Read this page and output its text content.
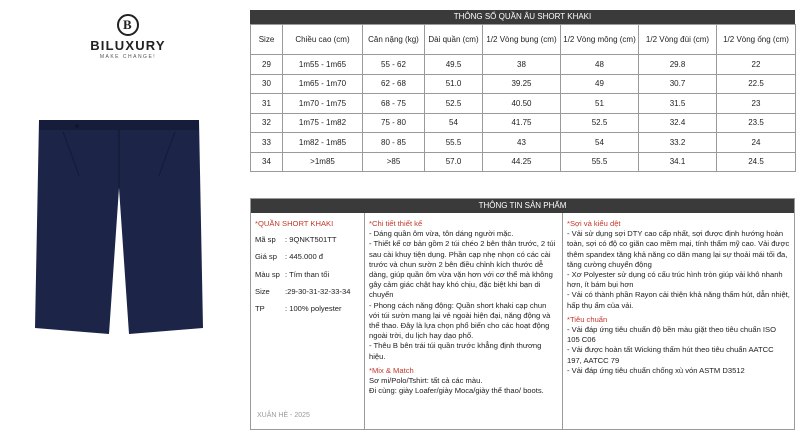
B
BILUXURY
MAKE CHANGE!
THÔNG SỐ QUẦN ÂU SHORT KHAKI
Size	Chiều cao (cm)	Cân nặng (kg)	Dài quần (cm)	1/2 Vòng bụng (cm)	1/2 Vòng mông (cm)	1/2 Vòng đùi (cm)	1/2 Vòng ống (cm)
29	1m55 - 1m65	55 - 62	49.5	38	48	29.8	22
30	1m65 - 1m70	62 - 68	51.0	39.25	49	30.7	22.5
31	1m70 - 1m75	68 - 75	52.5	40.50	51	31.5	23
32	1m75 - 1m82	75 - 80	54	41.75	52.5	32.4	23.5
33	1m82 - 1m85	80 - 85	55.5	43	54	33.2	24
34	>1m85	>85	57.0	44.25	55.5	34.1	24.5
THÔNG TIN SẢN PHẨM
*QUẦN SHORT KHAKI
Mã sp	: 9QNKT501TT
Giá sp	: 445.000 đ
Màu sp : Tím than tối
Size	:29-30-31-32-33-34
TP	: 100% polyester
XUÂN HÈ - 2025
*Chi tiết thiết kế
- Dáng quần ôm vừa, tôn dáng người mặc.
- Thiết kế cơ bản gồm 2 túi chéo 2 bên thân trước, 2 túi sau cài khuy tiện dụng. Phần cạp nhẹ nhọn có các cài trước và chun sườn 2 bên điều chỉnh kích thước dễ dàng, giúp quần ôm vừa vặn hơn với cơ thể mà không gây cảm giác chật hay khó chịu, đặc biệt khi bạn di chuyển
- Phong cách năng động: Quần short khaki cạp chun với túi sườn mang lại vẻ ngoài hiện đại, năng động và thể thao. Đây là lựa chọn phổ biến cho các hoạt động ngoài trời, du lịch hay dạo phố.
- Thêu B bên trái túi quần trước khẳng định thương hiệu.
*Mix & Match
Sơ mi/Polo/Tshirt: tất cả các màu.
Đi cùng: giày Loafer/giày Moca/giày thể thao/ boots.
*Sợi và kiểu dệt
- Vải sử dụng sợi DTY cao cấp nhất, sợi được định hướng hoàn toàn, sợi có độ co giãn cao mềm mại, tính thẩm mỹ cao. Vải được thêm spandex tăng khả năng co dãn mang lại sự thoải mái tối đa, tăng cường chuyển động
- Xơ Polyester sử dụng có cấu trúc hình tròn giúp vải khô nhanh hơn, ít bám bụi hơn
- Vải có thành phần Rayon cải thiện khả năng thấm hút, dẫn nhiệt, hấp thụ ẩm của vải.
*Tiêu chuẩn
- Vải đáp ứng tiêu chuẩn độ bền màu giặt theo tiêu chuẩn ISO 105 C06
- Vải được hoàn tất Wicking thấm hút theo tiêu chuẩn AATCC 197, AATCC 79
- Vải đáp ứng tiêu chuẩn chống xù vón ASTM D3512
